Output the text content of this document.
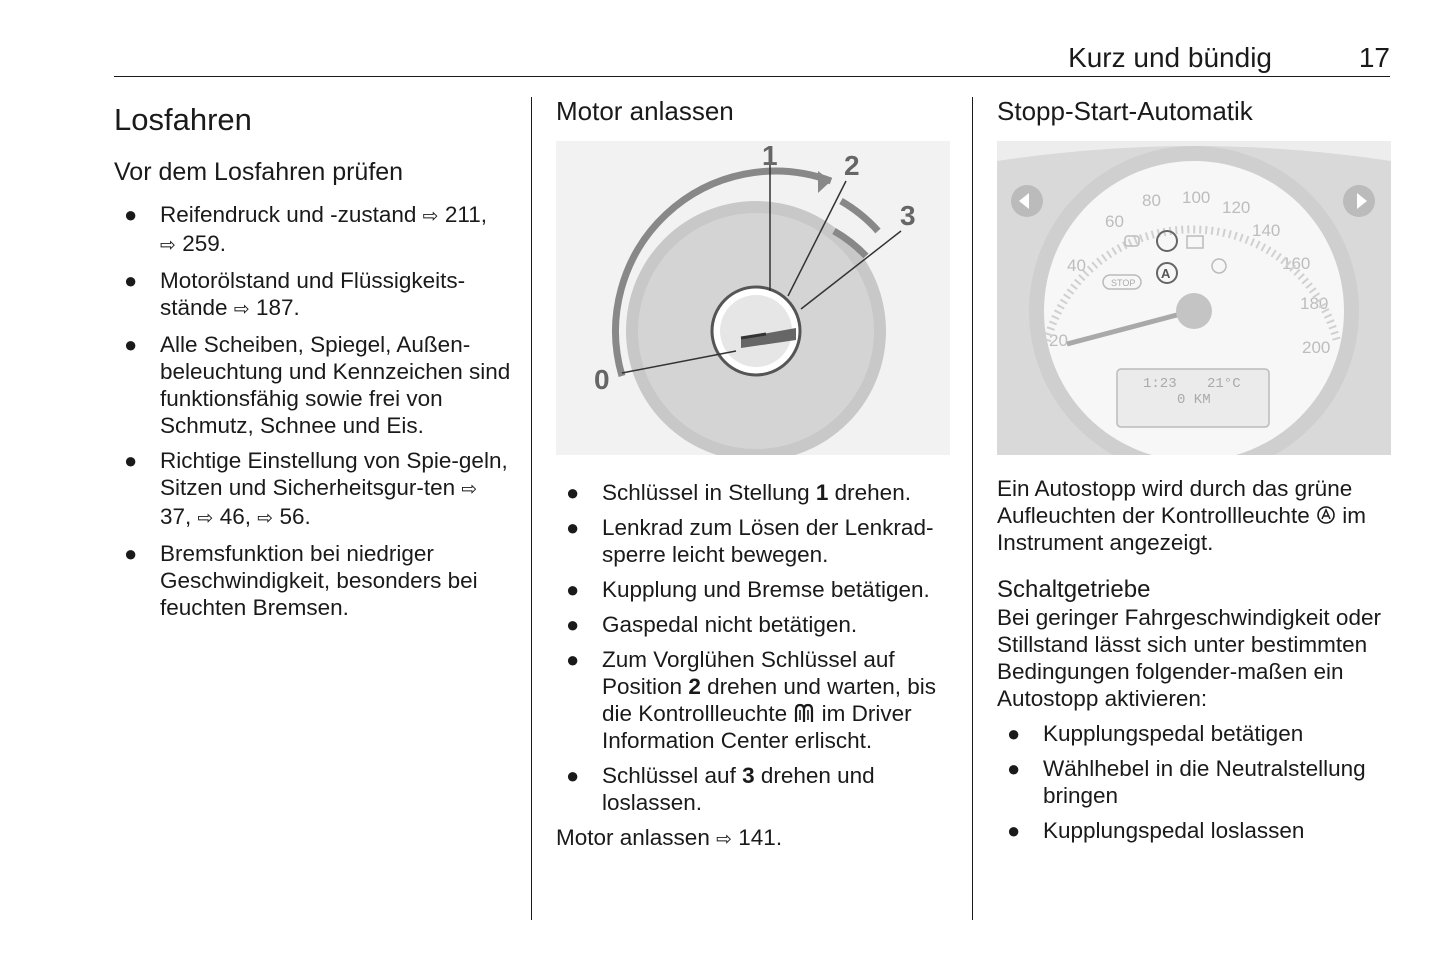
Kurz und bündig	17
Losfahren
Vor dem Losfahren prüfen
● Reifendruck und -zustand ⇨ 211,
⇨ 259.
● Motorölstand und Flüssigkeits-
stände ⇨ 187.
● Alle Scheiben, Spiegel, Außen-beleuchtung und Kennzeichen sind funktionsfähig sowie frei von Schmutz, Schnee und Eis.
● Richtige Einstellung von Spie-geln, Sitzen und Sicherheitsgur-ten ⇨ 37, ⇨ 46, ⇨ 56.
● Bremsfunktion bei niedriger Geschwindigkeit, besonders bei feuchten Bremsen.
Motor anlassen
0
1 2
3
● Schlüssel in Stellung 1 drehen.
● Lenkrad zum Lösen der Lenkrad-sperre leicht bewegen.
● Kupplung und Bremse betätigen.
● Gaspedal nicht betätigen.
● Zum Vorglühen Schlüssel auf Position 2 drehen und warten, bis die Kontrollleuchte  im Driver Information Center erlischt.
● Schlüssel auf 3 drehen und loslassen.

Motor anlassen ⇨ 141.

Stopp-Start-Automatik
20
40
60
80 100
120
140
160
180
200
STOP
A
1:23 21°C
0 KM

Ein Autostopp wird durch das grüne Aufleuchten der Kontrollleuchte  im Instrument angezeigt.

Schaltgetriebe

Bei geringer Fahrgeschwindigkeit oder Stillstand lässt sich unter bestimmten Bedingungen folgender-maßen ein Autostopp aktivieren:

● Kupplungspedal betätigen
● Wählhebel in die Neutralstellung bringen
● Kupplungspedal loslassen
